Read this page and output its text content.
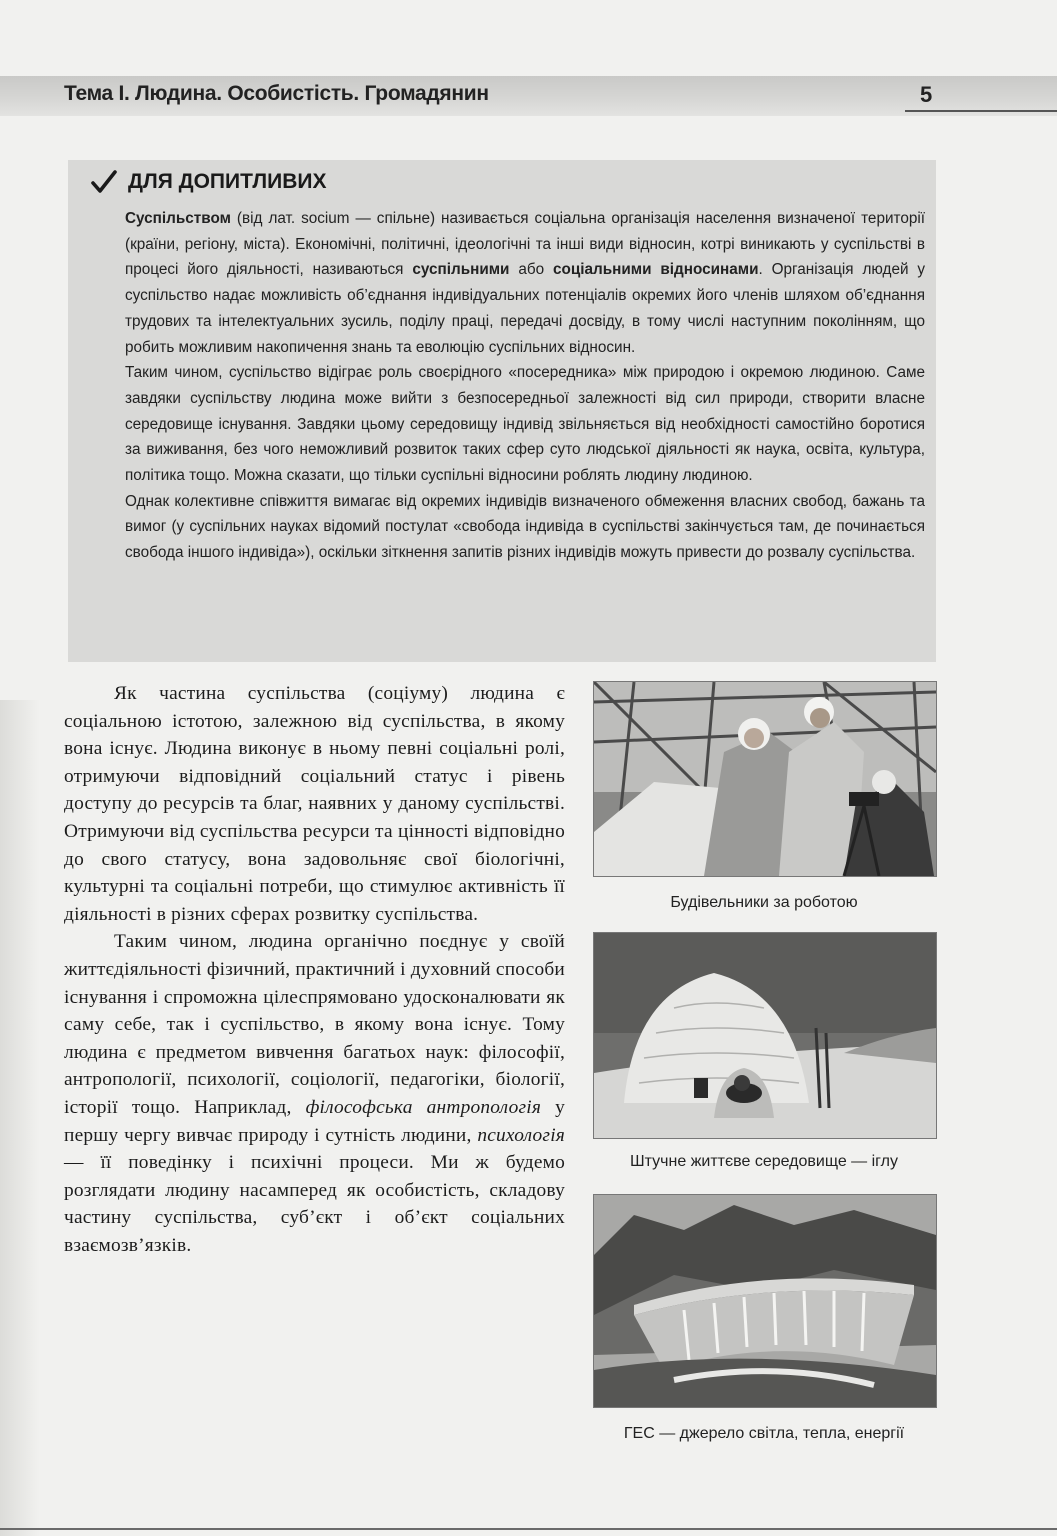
Тема І. Людина. Особистість. Громадянин	5
ДЛЯ ДОПИТЛИВИХ

Суспільством (від лат. socium — спільне) називається соціальна організація населення визначеної території (країни, регіону, міста). Економічні, політичні, ідеологічні та інші види відносин, котрі виникають у суспільстві в процесі його діяльності, називаються суспільними або соціальними відносинами. Організація людей у суспільство надає можливість об’єднання індивідуальних потенціалів окремих його членів шляхом об’єднання трудових та інтелектуальних зусиль, поділу праці, передачі досвіду, в тому числі наступним поколінням, що робить можливим накопичення знань та еволюцію суспільних відносин.

Таким чином, суспільство відіграє роль своєрідного «посередника» між природою і окремою людиною. Саме завдяки суспільству людина може вийти з безпосередньої залежності від сил природи, створити власне середовище існування. Завдяки цьому середовищу індивід звільняється від необхідності самостійно боротися за виживання, без чого неможливий розвиток таких сфер суто людської діяльності як наука, освіта, культура, політика тощо. Можна сказати, що тільки суспільні відносини роблять людину людиною.

Однак колективне співжиття вимагає від окремих індивідів визначеного обмеження власних свобод, бажань та вимог (у суспільних науках відомий постулат «свобода індивіда в суспільстві закінчується там, де починається свобода іншого індивіда»), оскільки зіткнення запитів різних індивідів можуть привести до розвалу суспільства.

Як частина суспільства (соціуму) людина є соціальною істотою, залежною від суспільства, в якому вона існує. Людина виконує в ньому певні соціальні ролі, отримуючи відповідний соціальний статус і рівень доступу до ресурсів та благ, наявних у даному суспільстві. Отримуючи від суспільства ресурси та цінності відповідно до свого статусу, вона задовольняє свої біологічні, культурні та соціальні потреби, що стимулює активність її діяльності в різних сферах розвитку суспільства.

Таким чином, людина органічно поєднує у своїй життєдіяльності фізичний, практичний і духовний способи існування і спроможна цілеспрямовано удосконалювати як саму себе, так і суспільство, в якому вона існує. Тому людина є предметом вивчення багатьох наук: філософії, антропології, психології, соціології, педагогіки, біології, історії тощо. Наприклад, філософська антропологія у першу чергу вивчає природу і сутність людини, психологія — її поведінку і психічні процеси. Ми ж будемо розглядати людину насамперед як особистість, складову частину суспільства, суб’єкт і об’єкт соціальних взаємозв’язків.

Будівельники за роботою
Штучне життєве середовище — іглу
ГЕС — джерело світла, тепла, енергії
